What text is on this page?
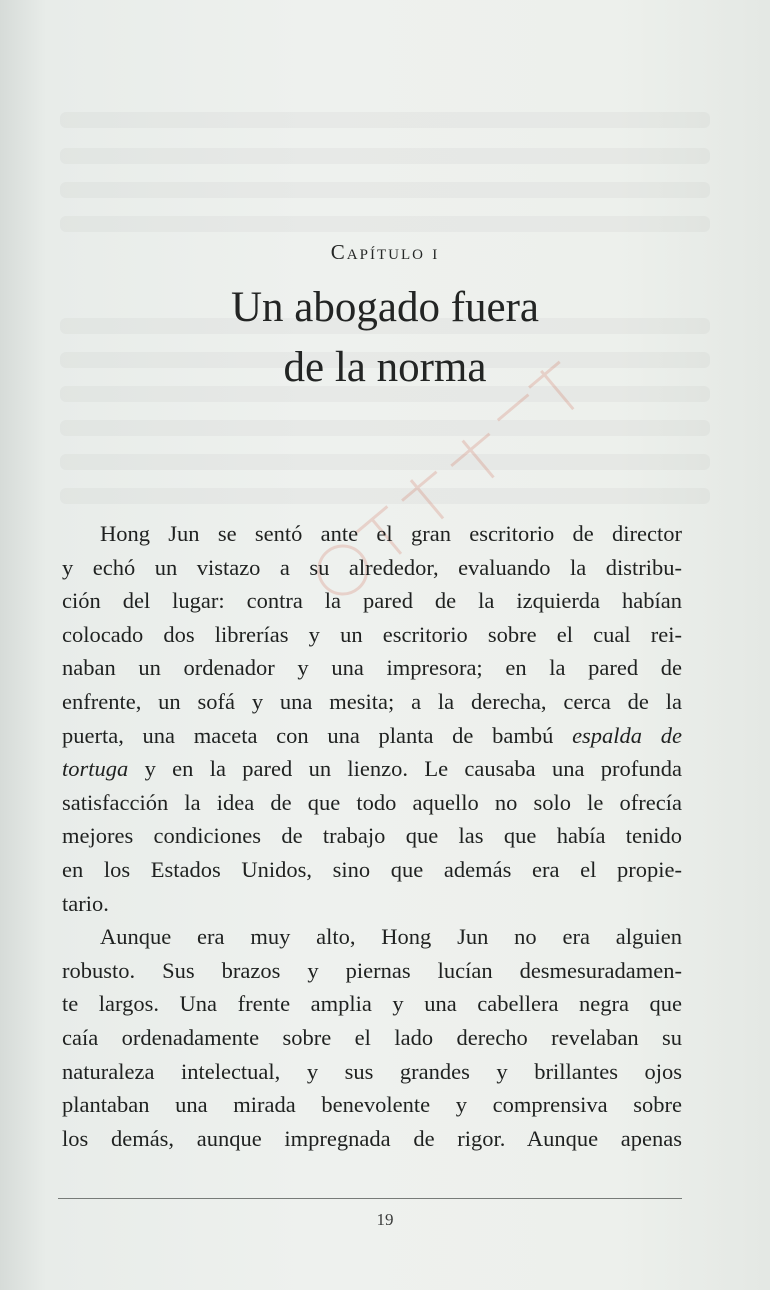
Capítulo i
Un abogado fuera
de la norma
Hong Jun se sentó ante el gran escritorio de director
y echó un vistazo a su alrededor, evaluando la distribu-
ción del lugar: contra la pared de la izquierda habían
colocado dos librerías y un escritorio sobre el cual rei-
naban un ordenador y una impresora; en la pared de
enfrente, un sofá y una mesita; a la derecha, cerca de la
puerta, una maceta con una planta de bambú espalda de
tortuga y en la pared un lienzo. Le causaba una profunda
satisfacción la idea de que todo aquello no solo le ofrecía
mejores condiciones de trabajo que las que había tenido
en los Estados Unidos, sino que además era el propie-
tario.
Aunque era muy alto, Hong Jun no era alguien
robusto. Sus brazos y piernas lucían desmesuradamen-
te largos. Una frente amplia y una cabellera negra que
caía ordenadamente sobre el lado derecho revelaban su
naturaleza intelectual, y sus grandes y brillantes ojos
plantaban una mirada benevolente y comprensiva sobre
los demás, aunque impregnada de rigor. Aunque apenas
19
